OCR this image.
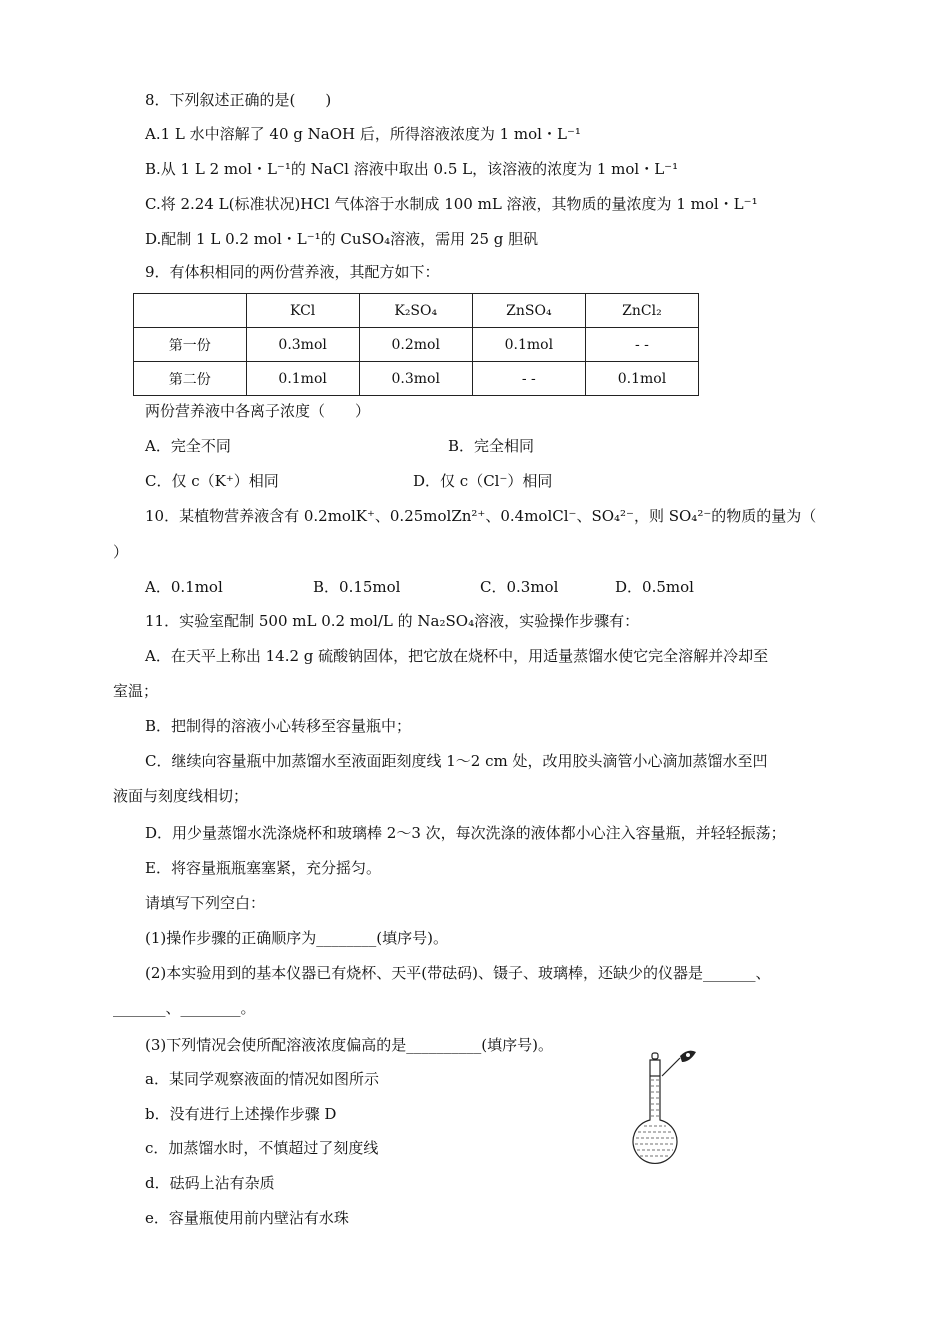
8．下列叙述正确的是(　　)
A.1 L 水中溶解了 40 g NaOH 后，所得溶液浓度为 1 mol・L⁻¹
B.从 1 L 2 mol・L⁻¹的 NaCl 溶液中取出 0.5 L，该溶液的浓度为 1 mol・L⁻¹
C.将 2.24 L(标准状况)HCl 气体溶于水制成 100 mL 溶液，其物质的量浓度为 1 mol・L⁻¹
D.配制 1 L 0.2 mol・L⁻¹的 CuSO₄溶液，需用 25 g 胆矾
9．有体积相同的两份营养液，其配方如下：
	KCl	K₂SO₄	ZnSO₄	ZnCl₂
第一份	0.3mol	0.2mol	0.1mol	- -
第二份	0.1mol	0.3mol	- -	0.1mol
两份营养液中各离子浓度（　　）
A．完全不同	B．完全相同
C．仅 c（K⁺）相同	D．仅 c（Cl⁻）相同
10．某植物营养液含有 0.2molK⁺、0.25molZn²⁺、0.4molCl⁻、SO₄²⁻，则 SO₄²⁻的物质的量为（
）
A．0.1mol	B．0.15mol	C．0.3mol	D．0.5mol
11．实验室配制 500 mL 0.2 mol/L 的 Na₂SO₄溶液，实验操作步骤有：
A．在天平上称出 14.2 g 硫酸钠固体，把它放在烧杯中，用适量蒸馏水使它完全溶解并冷却至
室温；
B．把制得的溶液小心转移至容量瓶中；
C．继续向容量瓶中加蒸馏水至液面距刻度线 1～2 cm 处，改用胶头滴管小心滴加蒸馏水至凹
液面与刻度线相切；
D．用少量蒸馏水洗涤烧杯和玻璃棒 2～3 次，每次洗涤的液体都小心注入容量瓶，并轻轻振荡；
E．将容量瓶瓶塞塞紧，充分摇匀。
请填写下列空白：
(1)操作步骤的正确顺序为________(填序号)。
(2)本实验用到的基本仪器已有烧杯、天平(带砝码)、镊子、玻璃棒，还缺少的仪器是_______、
_______、________。
(3)下列情况会使所配溶液浓度偏高的是__________(填序号)。
a．某同学观察液面的情况如图所示
b．没有进行上述操作步骤 D
c．加蒸馏水时，不慎超过了刻度线
d．砝码上沾有杂质
e．容量瓶使用前内壁沾有水珠
